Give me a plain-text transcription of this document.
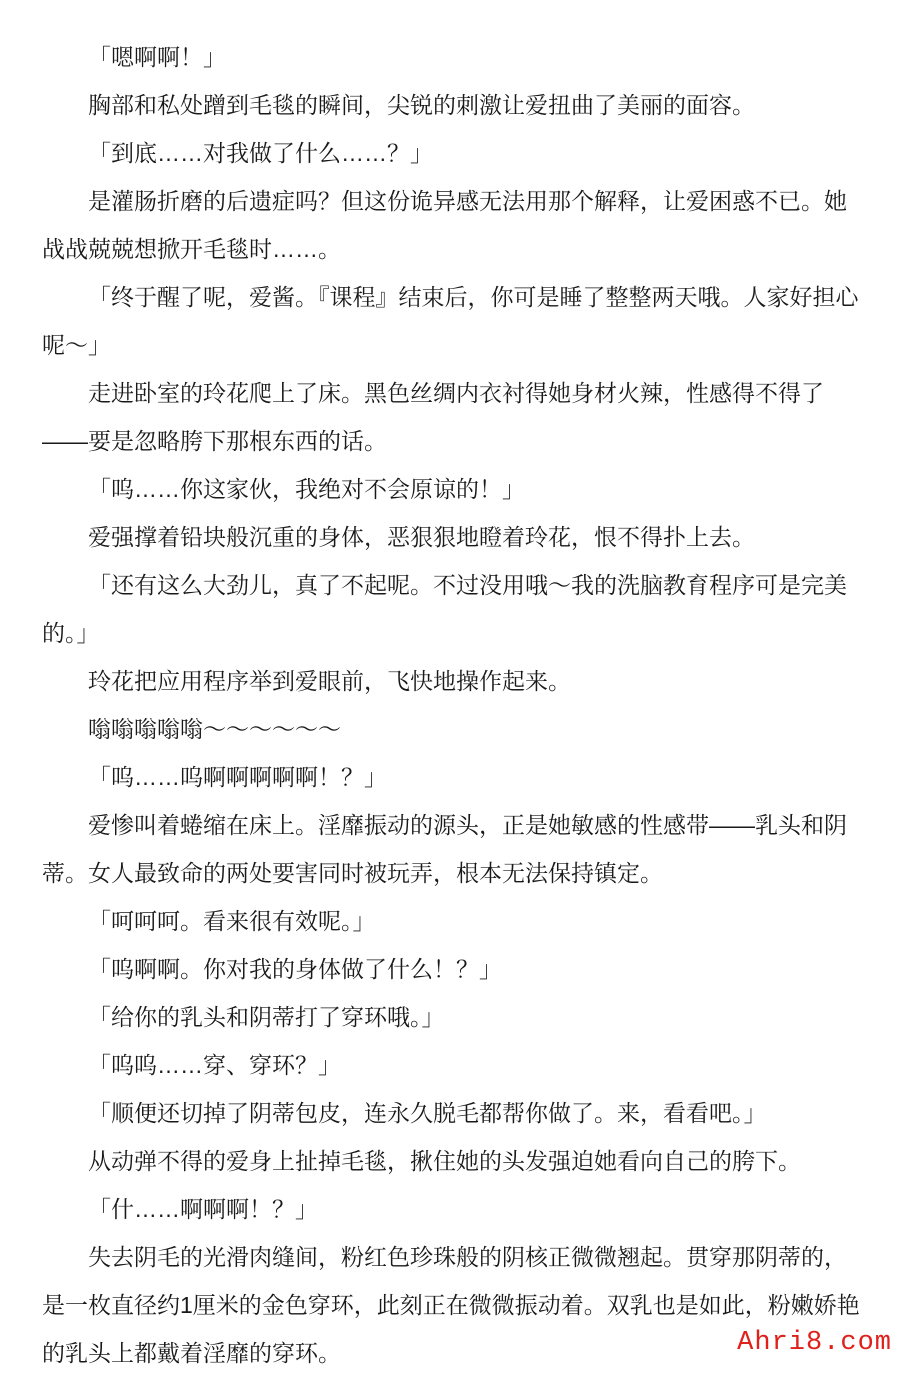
「嗯啊啊！」

胸部和私处蹭到毛毯的瞬间，尖锐的刺激让爱扭曲了美丽的面容。

「到底……对我做了什么……？」

是灌肠折磨的后遗症吗？但这份诡异感无法用那个解释，让爱困惑不已。她战战兢兢想掀开毛毯时……。

「终于醒了呢，爱酱。『课程』结束后，你可是睡了整整两天哦。人家好担心呢～」

走进卧室的玲花爬上了床。黑色丝绸内衣衬得她身材火辣，性感得不得了——要是忽略胯下那根东西的话。

「呜……你这家伙，我绝对不会原谅的！」

爱强撑着铅块般沉重的身体，恶狠狠地瞪着玲花，恨不得扑上去。

「还有这么大劲儿，真了不起呢。不过没用哦～我的洗脑教育程序可是完美的。」

玲花把应用程序举到爱眼前，飞快地操作起来。

嗡嗡嗡嗡嗡～～～～～～

「呜……呜啊啊啊啊啊！？」

爱惨叫着蜷缩在床上。淫靡振动的源头，正是她敏感的性感带——乳头和阴蒂。女人最致命的两处要害同时被玩弄，根本无法保持镇定。

「呵呵呵。看来很有效呢。」

「呜啊啊。你对我的身体做了什么！？」

「给你的乳头和阴蒂打了穿环哦。」

「呜呜……穿、穿环？」

「顺便还切掉了阴蒂包皮，连永久脱毛都帮你做了。来，看看吧。」

从动弹不得的爱身上扯掉毛毯，揪住她的头发强迫她看向自己的胯下。

「什……啊啊啊！？」

失去阴毛的光滑肉缝间，粉红色珍珠般的阴核正微微翘起。贯穿那阴蒂的，是一枚直径约1厘米的金色穿环，此刻正在微微振动着。双乳也是如此，粉嫩娇艳的乳头上都戴着淫靡的穿环。	Ahri8.com
